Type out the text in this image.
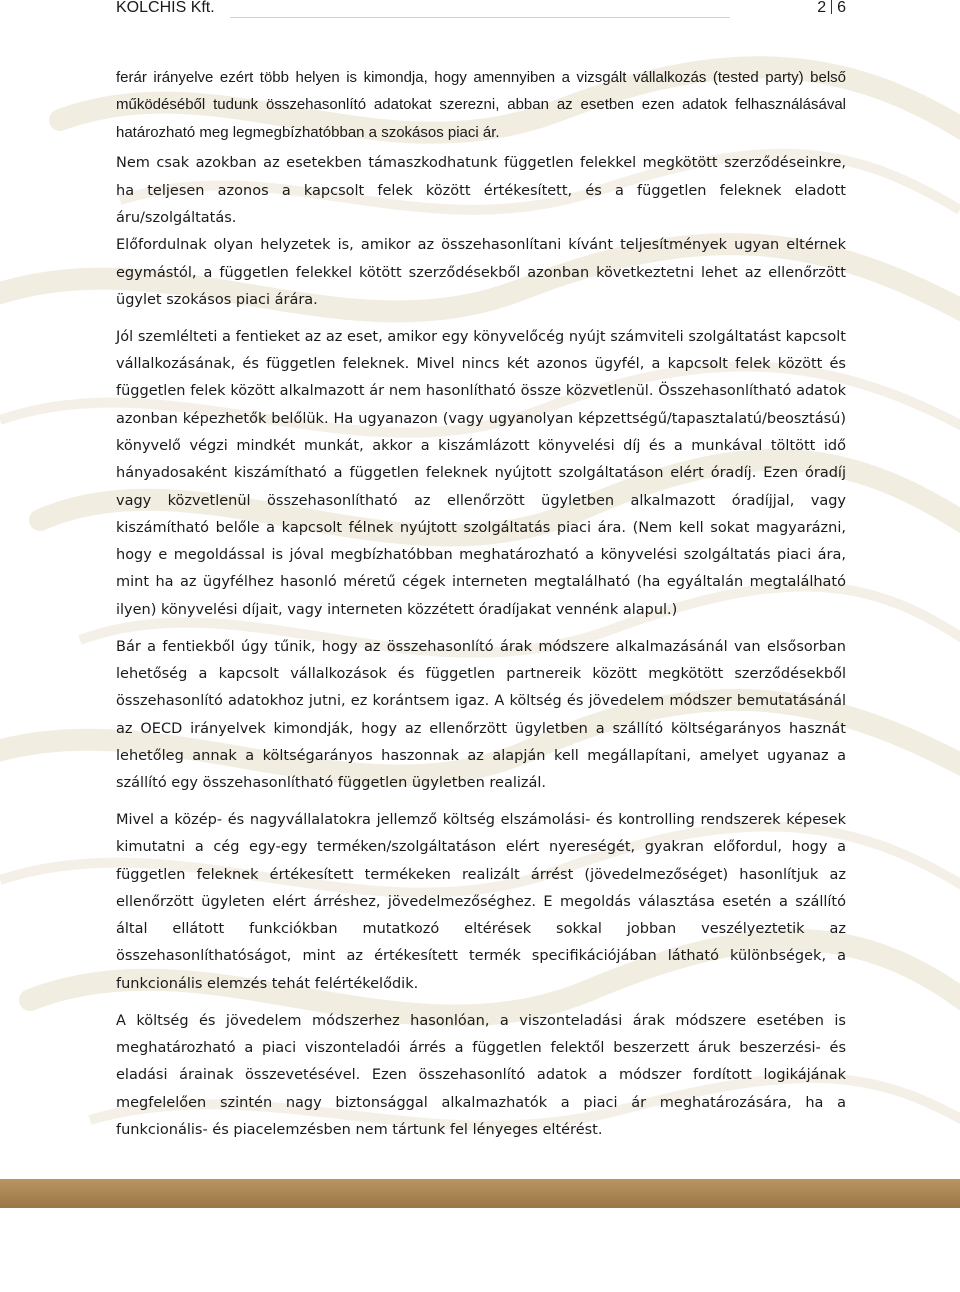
KOLCHIS Kft.	2 6

ferár irányelve ezért több helyen is kimondja, hogy amennyiben a vizsgált vállalkozás (tested party) belső működéséből tudunk összehasonlító adatokat szerezni, abban az esetben ezen adatok felhasználásával határozható meg legmegbízhatóbban a szokásos piaci ár.

Nem csak azokban az esetekben támaszkodhatunk független felekkel megkötött szerződéseinkre, ha teljesen azonos a kapcsolt felek között értékesített, és a független feleknek eladott áru/szolgáltatás.

Előfordulnak olyan helyzetek is, amikor az összehasonlítani kívánt teljesítmények ugyan eltérnek egymástól, a független felekkel kötött szerződésekből azonban következtetni lehet az ellenőrzött ügylet szokásos piaci árára.

Jól szemlélteti a fentieket az az eset, amikor egy könyvelőcég nyújt számviteli szolgáltatást kapcsolt vállalkozásának, és független feleknek. Mivel nincs két azonos ügyfél, a kapcsolt felek között és független felek között alkalmazott ár nem hasonlítható össze közvetlenül. Összehasonlítható adatok azonban képezhetők belőlük. Ha ugyanazon (vagy ugyanolyan képzettségű/tapasztalatú/beosztású) könyvelő végzi mindkét munkát, akkor a kiszámlázott könyvelési díj és a munkával töltött idő hányadosaként kiszámítható a független feleknek nyújtott szolgáltatáson elért óradíj. Ezen óradíj vagy közvetlenül összehasonlítható az ellenőrzött ügyletben alkalmazott óradíjjal, vagy kiszámítható belőle a kapcsolt félnek nyújtott szolgáltatás piaci ára. (Nem kell sokat magyarázni, hogy e megoldással is jóval megbízhatóbban meghatározható a könyvelési szolgáltatás piaci ára, mint ha az ügyfélhez hasonló méretű cégek interneten megtalálható (ha egyáltalán megtalálható ilyen) könyvelési díjait, vagy interneten közzétett óradíjakat vennénk alapul.)

Bár a fentiekből úgy tűnik, hogy az összehasonlító árak módszere alkalmazásánál van elsősorban lehetőség a kapcsolt vállalkozások és független partnereik között megkötött szerződésekből összehasonlító adatokhoz jutni, ez korántsem igaz. A költség és jövedelem módszer bemutatásánál az OECD irányelvek kimondják, hogy az ellenőrzött ügyletben a szállító költségarányos hasznát lehetőleg annak a költségarányos haszonnak az alapján kell megállapítani, amelyet ugyanaz a szállító egy összehasonlítható független ügyletben realizál.

Mivel a közép- és nagyvállalatokra jellemző költség elszámolási- és kontrolling rendszerek képesek kimutatni a cég egy-egy terméken/szolgáltatáson elért nyereségét, gyakran előfordul, hogy a független feleknek értékesített termékeken realizált árrést (jövedelmezőséget) hasonlítjuk az ellenőrzött ügyleten elért árréshez, jövedelmezőséghez. E megoldás választása esetén a szállító által ellátott funkciókban mutatkozó eltérések sokkal jobban veszélyeztetik az összehasonlíthatóságot, mint az értékesített termék specifikációjában látható különbségek, a funkcionális elemzés tehát felértékelődik.

A költség és jövedelem módszerhez hasonlóan, a viszonteladási árak módszere esetében is meghatározható a piaci viszonteladói árrés a független felektől beszerzett áruk beszerzési- és eladási árainak összevetésével. Ezen összehasonlító adatok a módszer fordított logikájának megfelelően szintén nagy biztonsággal alkalmazhatók a piaci ár meghatározására, ha a funkcionális- és piacelemzésben nem tártunk fel lényeges eltérést.
